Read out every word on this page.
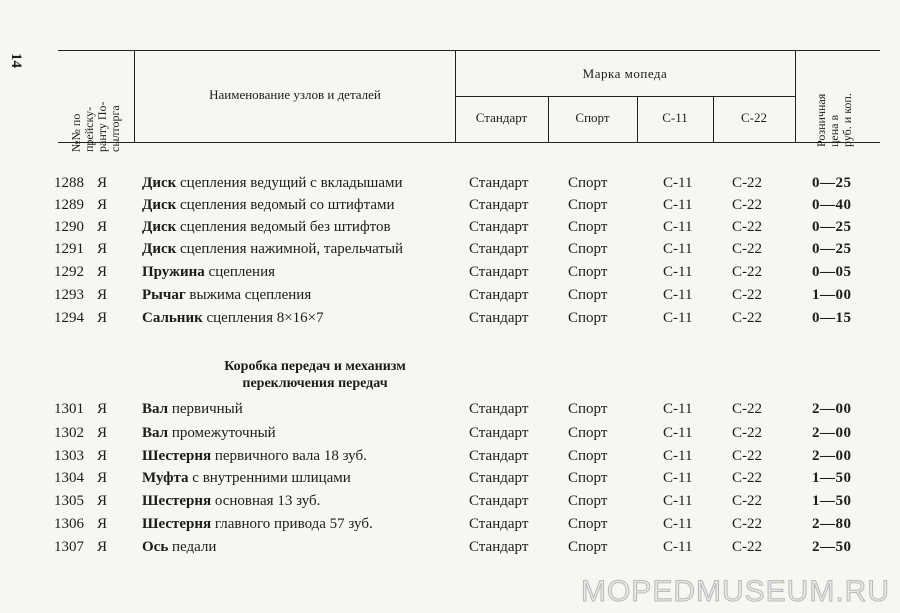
14
№№ по прейску- ранту По- сылторга
Наименование узлов и деталей
Марка мопеда
Стандарт	Спорт	С-11	С-22	Розничная цена в руб. и коп.
1288 Я Диск сцепления ведущий с вкладышами	Стандарт	Спорт	С-11	С-22	0—25
1289 Я Диск сцепления ведомый со штифтами	Стандарт	Спорт	С-11	С-22	0—40
1290 Я Диск сцепления ведомый без штифтов	Стандарт	Спорт	С-11	С-22	0—25
1291 Я Диск сцепления нажимной, тарельчатый	Стандарт	Спорт	С-11	С-22	0—25
1292 Я Пружина сцепления	Стандарт	Спорт	С-11	С-22	0—05
1293 Я Рычаг выжима сцепления	Стандарт	Спорт	С-11	С-22	1—00
1294 Я Сальник сцепления 8×16×7	Стандарт	Спорт	С-11	С-22	0—15
Коробка передач и механизм
переключения передач
1301 Я Вал первичный	Стандарт	Спорт	С-11	С-22	2—00
1302 Я Вал промежуточный	Стандарт	Спорт	С-11	С-22	2—00
1303 Я Шестерня первичного вала 18 зуб.	Стандарт	Спорт	С-11	С-22	2—00
1304 Я Муфта с внутренними шлицами	Стандарт	Спорт	С-11	С-22	1—50
1305 Я Шестерня основная 13 зуб.	Стандарт	Спорт	С-11	С-22	1—50
1306 Я Шестерня главного привода 57 зуб.	Стандарт	Спорт	С-11	С-22	2—80
1307 Я Ось педали	Стандарт	Спорт	С-11	С-22	2—50
MOPEDMUSEUM.RU
